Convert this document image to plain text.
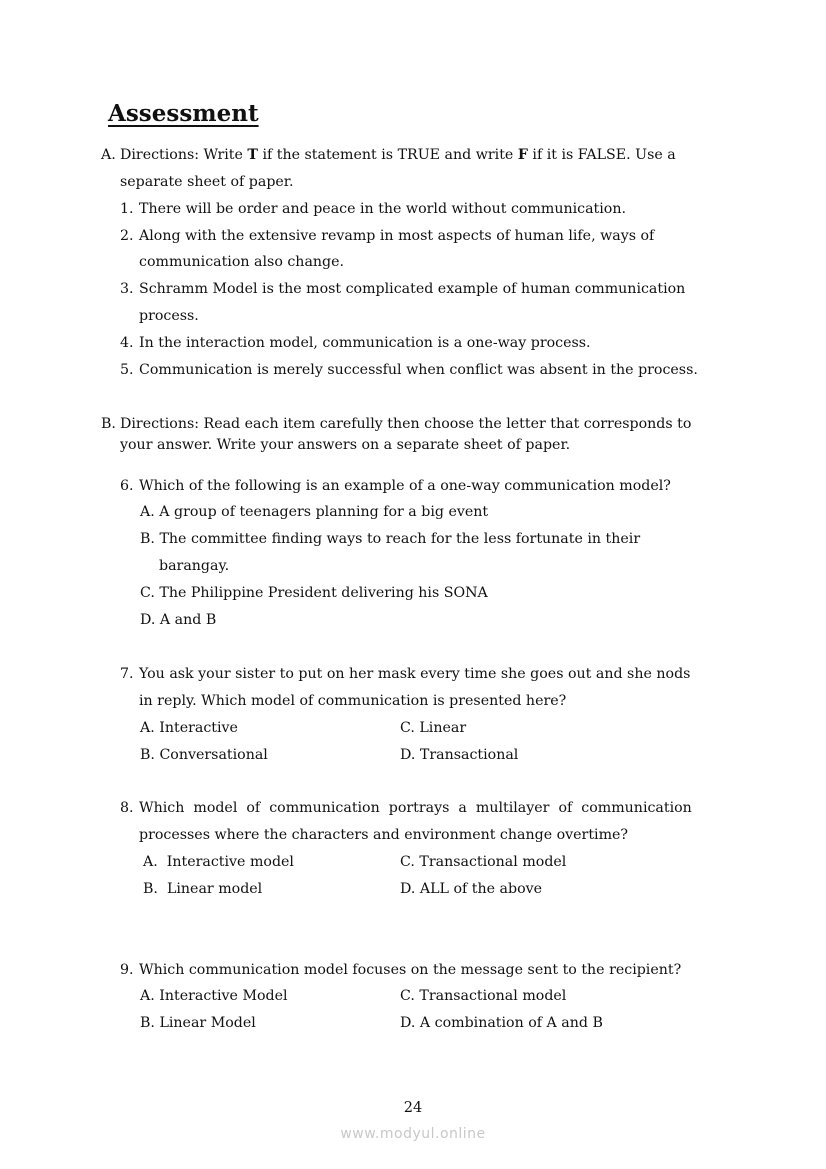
Assessment
A. Directions: Write T if the statement is TRUE and write F if it is FALSE. Use a
separate sheet of paper.
1. There will be order and peace in the world without communication.
2. Along with the extensive revamp in most aspects of human life, ways of
communication also change.
3. Schramm Model is the most complicated example of human communication
process.
4. In the interaction model, communication is a one-way process.
5. Communication is merely successful when conflict was absent in the process.
B. Directions: Read each item carefully then choose the letter that corresponds to
your answer. Write your answers on a separate sheet of paper.
6. Which of the following is an example of a one-way communication model?
A. A group of teenagers planning for a big event
B. The committee finding ways to reach for the less fortunate in their
barangay.
C. The Philippine President delivering his SONA
D. A and B
7. You ask your sister to put on her mask every time she goes out and she nods
in reply. Which model of communication is presented here?
A. Interactive	C. Linear
B. Conversational	D. Transactional
8. Which  model  of  communication  portrays  a  multilayer  of  communication
processes where the characters and environment change overtime?
A.  Interactive model	C. Transactional model
B.  Linear model	D. ALL of the above
9. Which communication model focuses on the message sent to the recipient?
A. Interactive Model	C. Transactional model
B. Linear Model	D. A combination of A and B
24
www.modyul.online
